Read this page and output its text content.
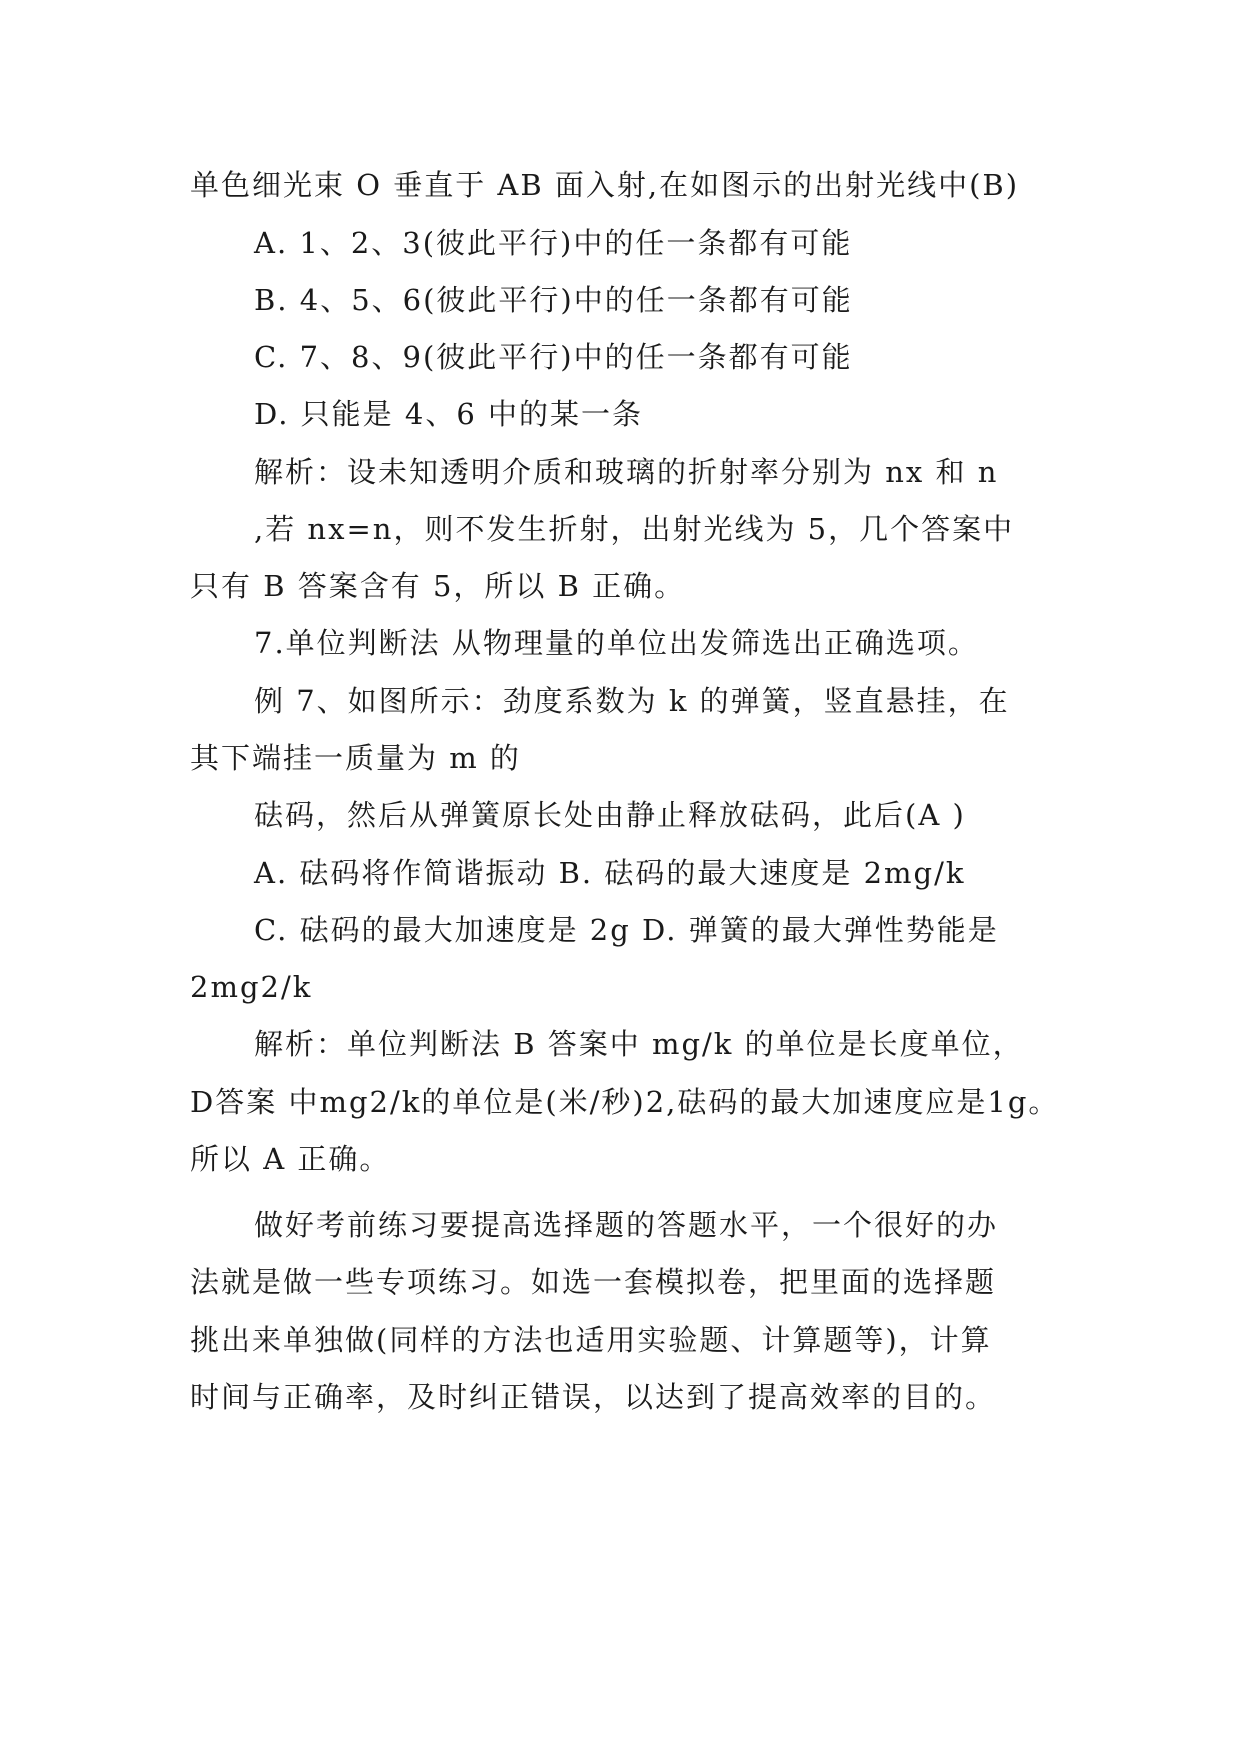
单色细光束 O 垂直于 AB 面入射,在如图示的出射光线中(B)
A. 1、2、3(彼此平行)中的任一条都有可能
B. 4、5、6(彼此平行)中的任一条都有可能
C. 7、8、9(彼此平行)中的任一条都有可能
D. 只能是 4、6 中的某一条
解析：设未知透明介质和玻璃的折射率分别为 nx 和 n
,若 nx=n，则不发生折射，出射光线为 5，几个答案中
只有 B 答案含有 5，所以 B 正确。
7.单位判断法 从物理量的单位出发筛选出正确选项。
例 7、如图所示：劲度系数为 k 的弹簧，竖直悬挂，在
其下端挂一质量为 m 的
砝码，然后从弹簧原长处由静止释放砝码，此后(A )
A. 砝码将作简谐振动 B. 砝码的最大速度是 2mg/k
C. 砝码的最大加速度是 2g D. 弹簧的最大弹性势能是
2mg2/k
解析：单位判断法 B 答案中 mg/k 的单位是长度单位，
D答案 中mg2/k的单位是(米/秒)2,砝码的最大加速度应是1g。
所以 A 正确。
做好考前练习要提高选择题的答题水平，一个很好的办
法就是做一些专项练习。如选一套模拟卷，把里面的选择题
挑出来单独做(同样的方法也适用实验题、计算题等)，计算
时间与正确率，及时纠正错误，以达到了提高效率的目的。
